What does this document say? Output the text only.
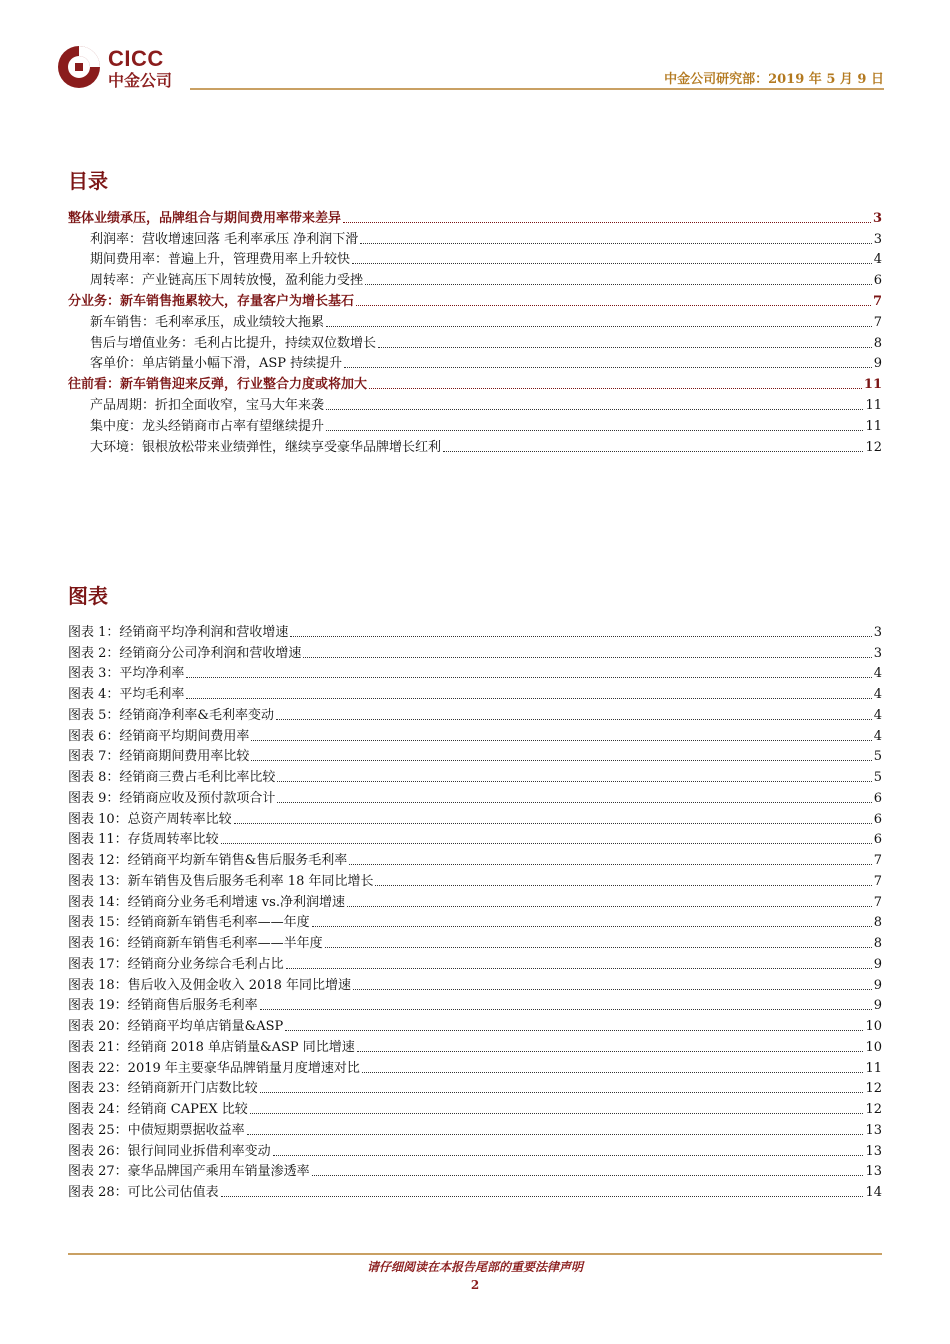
CICC
中金公司	中金公司研究部：2019 年 5 月 9 日
目录
整体业绩承压，品牌组合与期间费用率带来差异	3
利润率：营收增速回落 毛利率承压 净利润下滑	3
期间费用率：普遍上升，管理费用率上升较快	4
周转率：产业链高压下周转放慢，盈利能力受挫	6
分业务：新车销售拖累较大，存量客户为增长基石	7
新车销售：毛利率承压，成业绩较大拖累	7
售后与增值业务：毛利占比提升，持续双位数增长	8
客单价：单店销量小幅下滑，ASP 持续提升	9
往前看：新车销售迎来反弹，行业整合力度或将加大	11
产品周期：折扣全面收窄，宝马大年来袭	11
集中度：龙头经销商市占率有望继续提升	11
大环境：银根放松带来业绩弹性，继续享受豪华品牌增长红利	12
图表
图表 1：经销商平均净利润和营收增速	3
图表 2：经销商分公司净利润和营收增速	3
图表 3：平均净利率	4
图表 4：平均毛利率	4
图表 5：经销商净利率&毛利率变动	4
图表 6：经销商平均期间费用率	4
图表 7：经销商期间费用率比较	5
图表 8：经销商三费占毛利比率比较	5
图表 9：经销商应收及预付款项合计	6
图表 10：总资产周转率比较	6
图表 11：存货周转率比较	6
图表 12：经销商平均新车销售&售后服务毛利率	7
图表 13：新车销售及售后服务毛利率 18 年同比增长	7
图表 14：经销商分业务毛利增速 vs.净利润增速	7
图表 15：经销商新车销售毛利率——年度	8
图表 16：经销商新车销售毛利率——半年度	8
图表 17：经销商分业务综合毛利占比	9
图表 18：售后收入及佣金收入 2018 年同比增速	9
图表 19：经销商售后服务毛利率	9
图表 20：经销商平均单店销量&ASP	10
图表 21：经销商 2018 单店销量&ASP 同比增速	10
图表 22：2019 年主要豪华品牌销量月度增速对比	11
图表 23：经销商新开门店数比较	12
图表 24：经销商 CAPEX 比较	12
图表 25：中债短期票据收益率	13
图表 26：银行间同业拆借利率变动	13
图表 27：豪华品牌国产乘用车销量渗透率	13
图表 28：可比公司估值表	14
请仔细阅读在本报告尾部的重要法律声明
2
